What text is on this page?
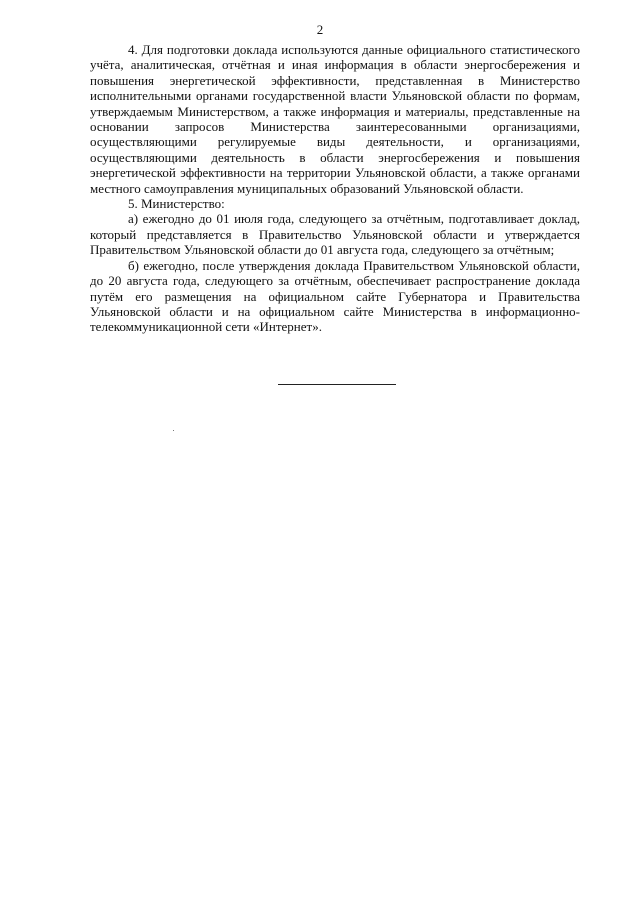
2

4. Для подготовки доклада используются данные официального статистического учёта, аналитическая, отчётная и иная информация в области энергосбережения и повышения энергетической эффективности, представленная в Министерство исполнительными органами государственной власти Ульяновской области по формам, утверждаемым Министерством, а также информация и материалы, представленные на основании запросов Министерства заинтересованными организациями, осуществляющими регулируемые виды деятельности, и организациями, осуществляющими деятельность в области энергосбережения и повышения энергетической эффективности на территории Ульяновской области, а также органами местного самоуправления муниципальных образований Ульяновской области.

5. Министерство:

а) ежегодно до 01 июля года, следующего за отчётным, подготавливает доклад, который представляется в Правительство Ульяновской области и утверждается Правительством Ульяновской области до 01 августа года, следующего за отчётным;

б) ежегодно, после утверждения доклада Правительством Ульяновской области, до 20 августа года, следующего за отчётным, обеспечивает распространение доклада путём его размещения на официальном сайте Губернатора и Правительства Ульяновской области и на официальном сайте Министерства в информационно-телекоммуникационной сети «Интернет».
